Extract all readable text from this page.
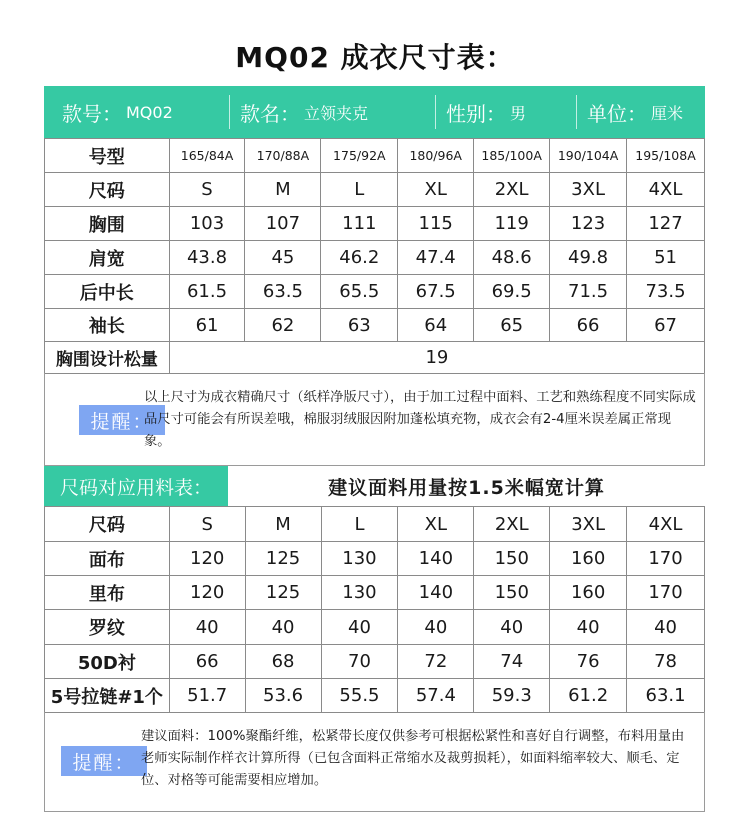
MQ02 成衣尺寸表：
款号： MQ02	款名： 立领夹克	性别： 男	单位： 厘米
号型	165/84A	170/88A	175/92A	180/96A	185/100A	190/104A	195/108A
尺码	S	M	L	XL	2XL	3XL	4XL
胸围	103	107	111	115	119	123	127
肩宽	43.8	45	46.2	47.4	48.6	49.8	51
后中长	61.5	63.5	65.5	67.5	69.5	71.5	73.5
袖长	61	62	63	64	65	66	67
胸围设计松量	19
提醒：
以上尺寸为成衣精确尺寸（纸样净版尺寸），由于加工过程中面料、工艺和熟练程度不同实际成品尺寸可能会有所误差哦，棉服羽绒服因附加蓬松填充物，成衣会有2-4厘米误差属正常现象。
尺码对应用料表：	建议面料用量按1.5米幅宽计算
尺码	S	M	L	XL	2XL	3XL	4XL
面布	120	125	130	140	150	160	170
里布	120	125	130	140	150	160	170
罗纹	40	40	40	40	40	40	40
50D衬	66	68	70	72	74	76	78
5号拉链#1个	51.7	53.6	55.5	57.4	59.3	61.2	63.1
提醒：
建议面料：100%聚酯纤维，松紧带长度仅供参考可根据松紧性和喜好自行调整，布料用量由老师实际制作样衣计算所得（已包含面料正常缩水及裁剪损耗），如面料缩率较大、顺毛、定位、对格等可能需要相应增加。
